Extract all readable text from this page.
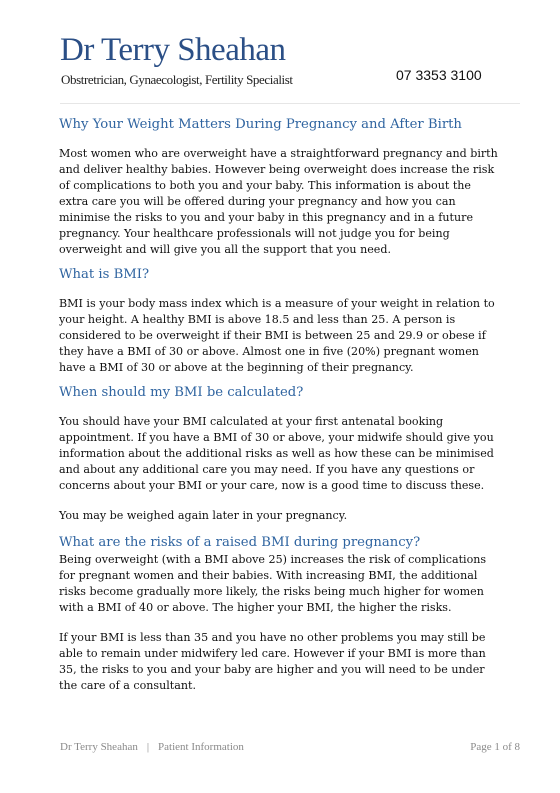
Dr Terry Sheahan
Obstretrician, Gynaecologist, Fertility Specialist	07 3353 3100
Why Your Weight Matters During Pregnancy and After Birth

Most women who are overweight have a straightforward pregnancy and birth and deliver healthy babies. However being overweight does increase the risk of complications to both you and your baby. This information is about the extra care you will be offered during your pregnancy and how you can minimise the risks to you and your baby in this pregnancy and in a future pregnancy. Your healthcare professionals will not judge you for being overweight and will give you all the support that you need.

What is BMI?

BMI is your body mass index which is a measure of your weight in relation to your height. A healthy BMI is above 18.5 and less than 25. A person is considered to be overweight if their BMI is between 25 and 29.9 or obese if they have a BMI of 30 or above. Almost one in five (20%) pregnant women have a BMI of 30 or above at the beginning of their pregnancy.

When should my BMI be calculated?

You should have your BMI calculated at your first antenatal booking appointment. If you have a BMI of 30 or above, your midwife should give you information about the additional risks as well as how these can be minimised and about any additional care you may need. If you have any questions or concerns about your BMI or your care, now is a good time to discuss these.

You may be weighed again later in your pregnancy.

What are the risks of a raised BMI during pregnancy?

Being overweight (with a BMI above 25) increases the risk of complications for pregnant women and their babies. With increasing BMI, the additional risks become gradually more likely, the risks being much higher for women with a BMI of 40 or above. The higher your BMI, the higher the risks.

If your BMI is less than 35 and you have no other problems you may still be able to remain under midwifery led care. However if your BMI is more than 35, the risks to you and your baby are higher and you will need to be under the care of a consultant.

Dr Terry Sheahan | Patient Information	Page 1 of 8
